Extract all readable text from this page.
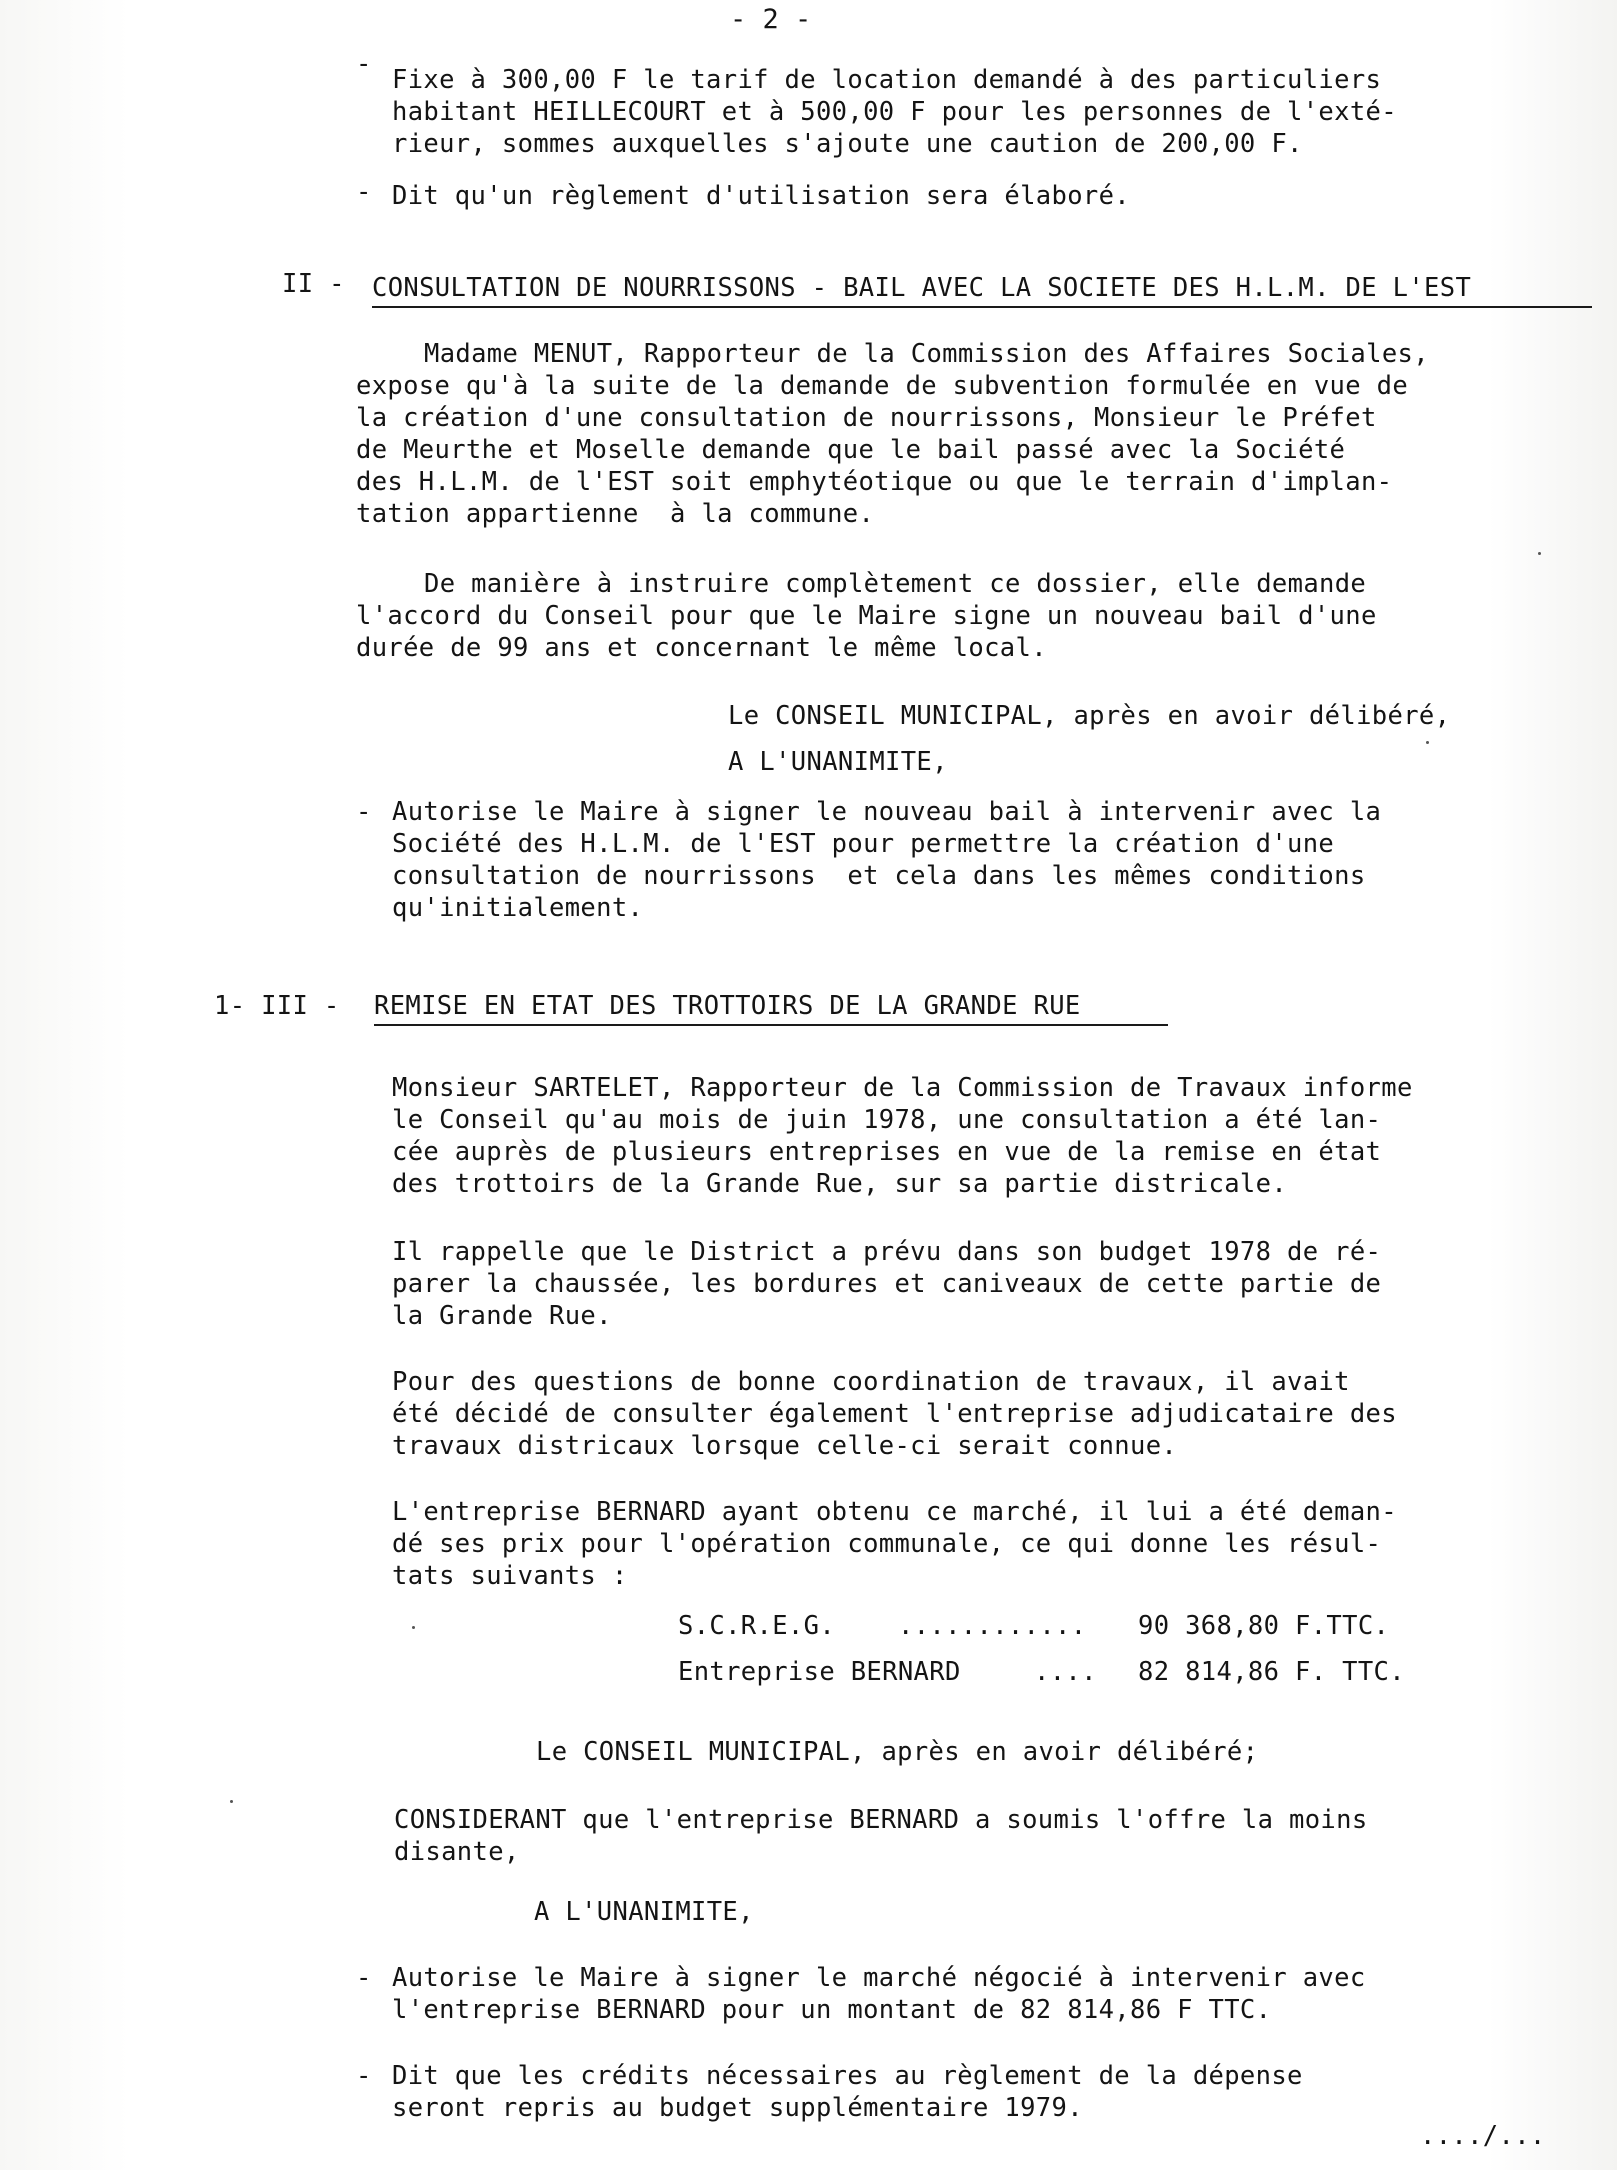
- 2 -
-
Fixe à 300,00 F le tarif de location demandé à des particuliers
habitant HEILLECOURT et à 500,00 F pour les personnes de l'exté-
rieur, sommes auxquelles s'ajoute une caution de 200,00 F.
- Dit qu'un règlement d'utilisation sera élaboré.
II - CONSULTATION DE NOURRISSONS - BAIL AVEC LA SOCIETE DES H.L.M. DE L'EST
Madame MENUT, Rapporteur de la Commission des Affaires Sociales,
expose qu'à la suite de la demande de subvention formulée en vue de
la création d'une consultation de nourrissons, Monsieur le Préfet
de Meurthe et Moselle demande que le bail passé avec la Société
des H.L.M. de l'EST soit emphytéotique ou que le terrain d'implan-
tation appartienne  à la commune.
De manière à instruire complètement ce dossier, elle demande
l'accord du Conseil pour que le Maire signe un nouveau bail d'une
durée de 99 ans et concernant le même local.
Le CONSEIL MUNICIPAL, après en avoir délibéré,
A L'UNANIMITE,
- Autorise le Maire à signer le nouveau bail à intervenir avec la
Société des H.L.M. de l'EST pour permettre la création d'une
consultation de nourrissons  et cela dans les mêmes conditions
qu'initialement.
1- III - REMISE EN ETAT DES TROTTOIRS DE LA GRANDE RUE
Monsieur SARTELET, Rapporteur de la Commission de Travaux informe
le Conseil qu'au mois de juin 1978, une consultation a été lan-
cée auprès de plusieurs entreprises en vue de la remise en état
des trottoirs de la Grande Rue, sur sa partie districale.
Il rappelle que le District a prévu dans son budget 1978 de ré-
parer la chaussée, les bordures et caniveaux de cette partie de
la Grande Rue.
Pour des questions de bonne coordination de travaux, il avait
été décidé de consulter également l'entreprise adjudicataire des
travaux districaux lorsque celle-ci serait connue.
L'entreprise BERNARD ayant obtenu ce marché, il lui a été deman-
dé ses prix pour l'opération communale, ce qui donne les résul-
tats suivants :
S.C.R.E.G. ............ 90 368,80 F.TTC.
Entreprise BERNARD	.... 82 814,86 F. TTC.
Le CONSEIL MUNICIPAL, après en avoir délibéré;
CONSIDERANT que l'entreprise BERNARD a soumis l'offre la moins
disante,
A L'UNANIMITE,
- Autorise le Maire à signer le marché négocié à intervenir avec
l'entreprise BERNARD pour un montant de 82 814,86 F TTC.
- Dit que les crédits nécessaires au règlement de la dépense
seront repris au budget supplémentaire 1979.
..../...
